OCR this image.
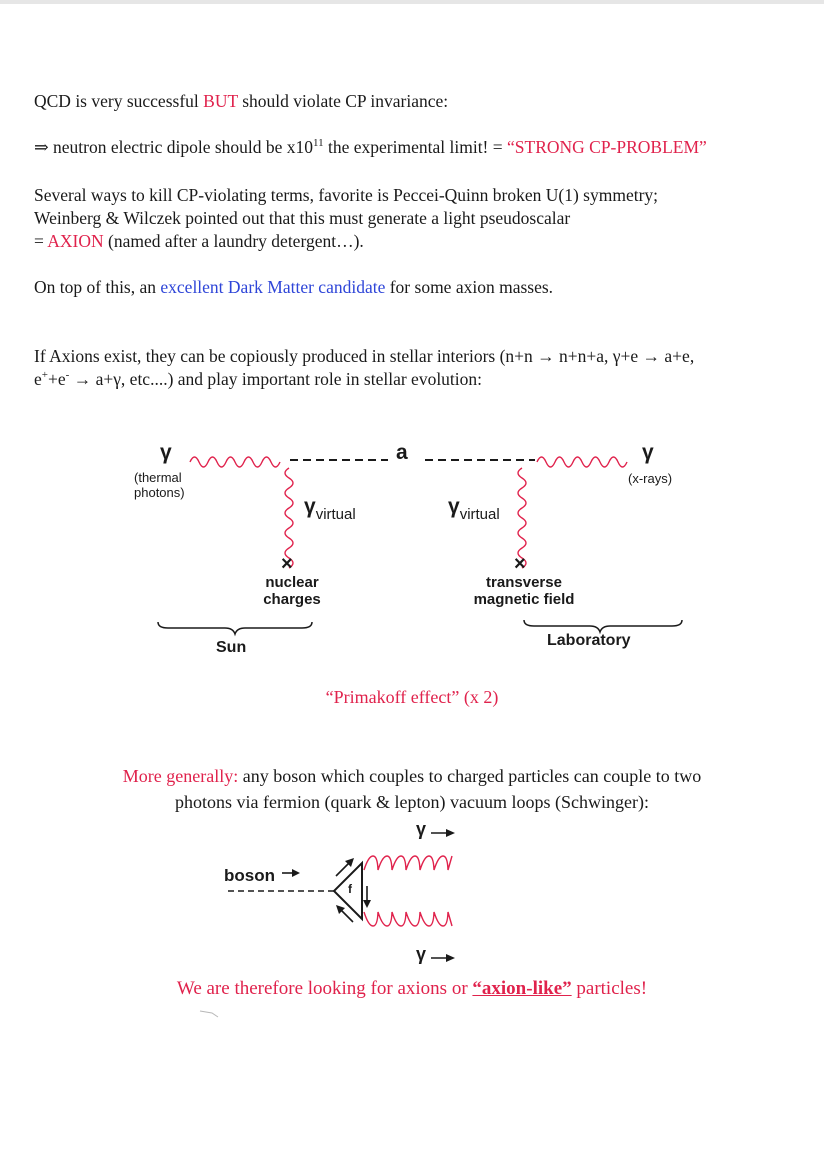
QCD is very successful BUT should violate CP invariance:

⇒ neutron electric dipole should be $x10^{11}$ the experimental limit! = “STRONG CP-PROBLEM”

Several ways to kill CP-violating terms, favorite is Peccei-Quinn broken U(1) symmetry;
Weinberg & Wilczek pointed out that this must generate a light pseudoscalar
= AXION (named after a laundry detergent…).

On top of this, an excellent Dark Matter candidate for some axion masses.

If Axions exist, they can be copiously produced in stellar interiors (n+n → n+n+a, γ+e → a+e,
e++e- → a+γ, etc....) and play important role in stellar evolution:

γ
(thermal
photons)
a	γ
(x-rays)
γvirtual	γvirtual
×	×
nuclear
charges
transverse
magnetic field
Sun	Laboratory

“Primakoff effect” (x 2)

More generally: any boson which couples to charged particles can couple to two
photons via fermion (quark & lepton) vacuum loops (Schwinger):

γ
γ
boson
f

We are therefore looking for axions or “axion-like” particles!
